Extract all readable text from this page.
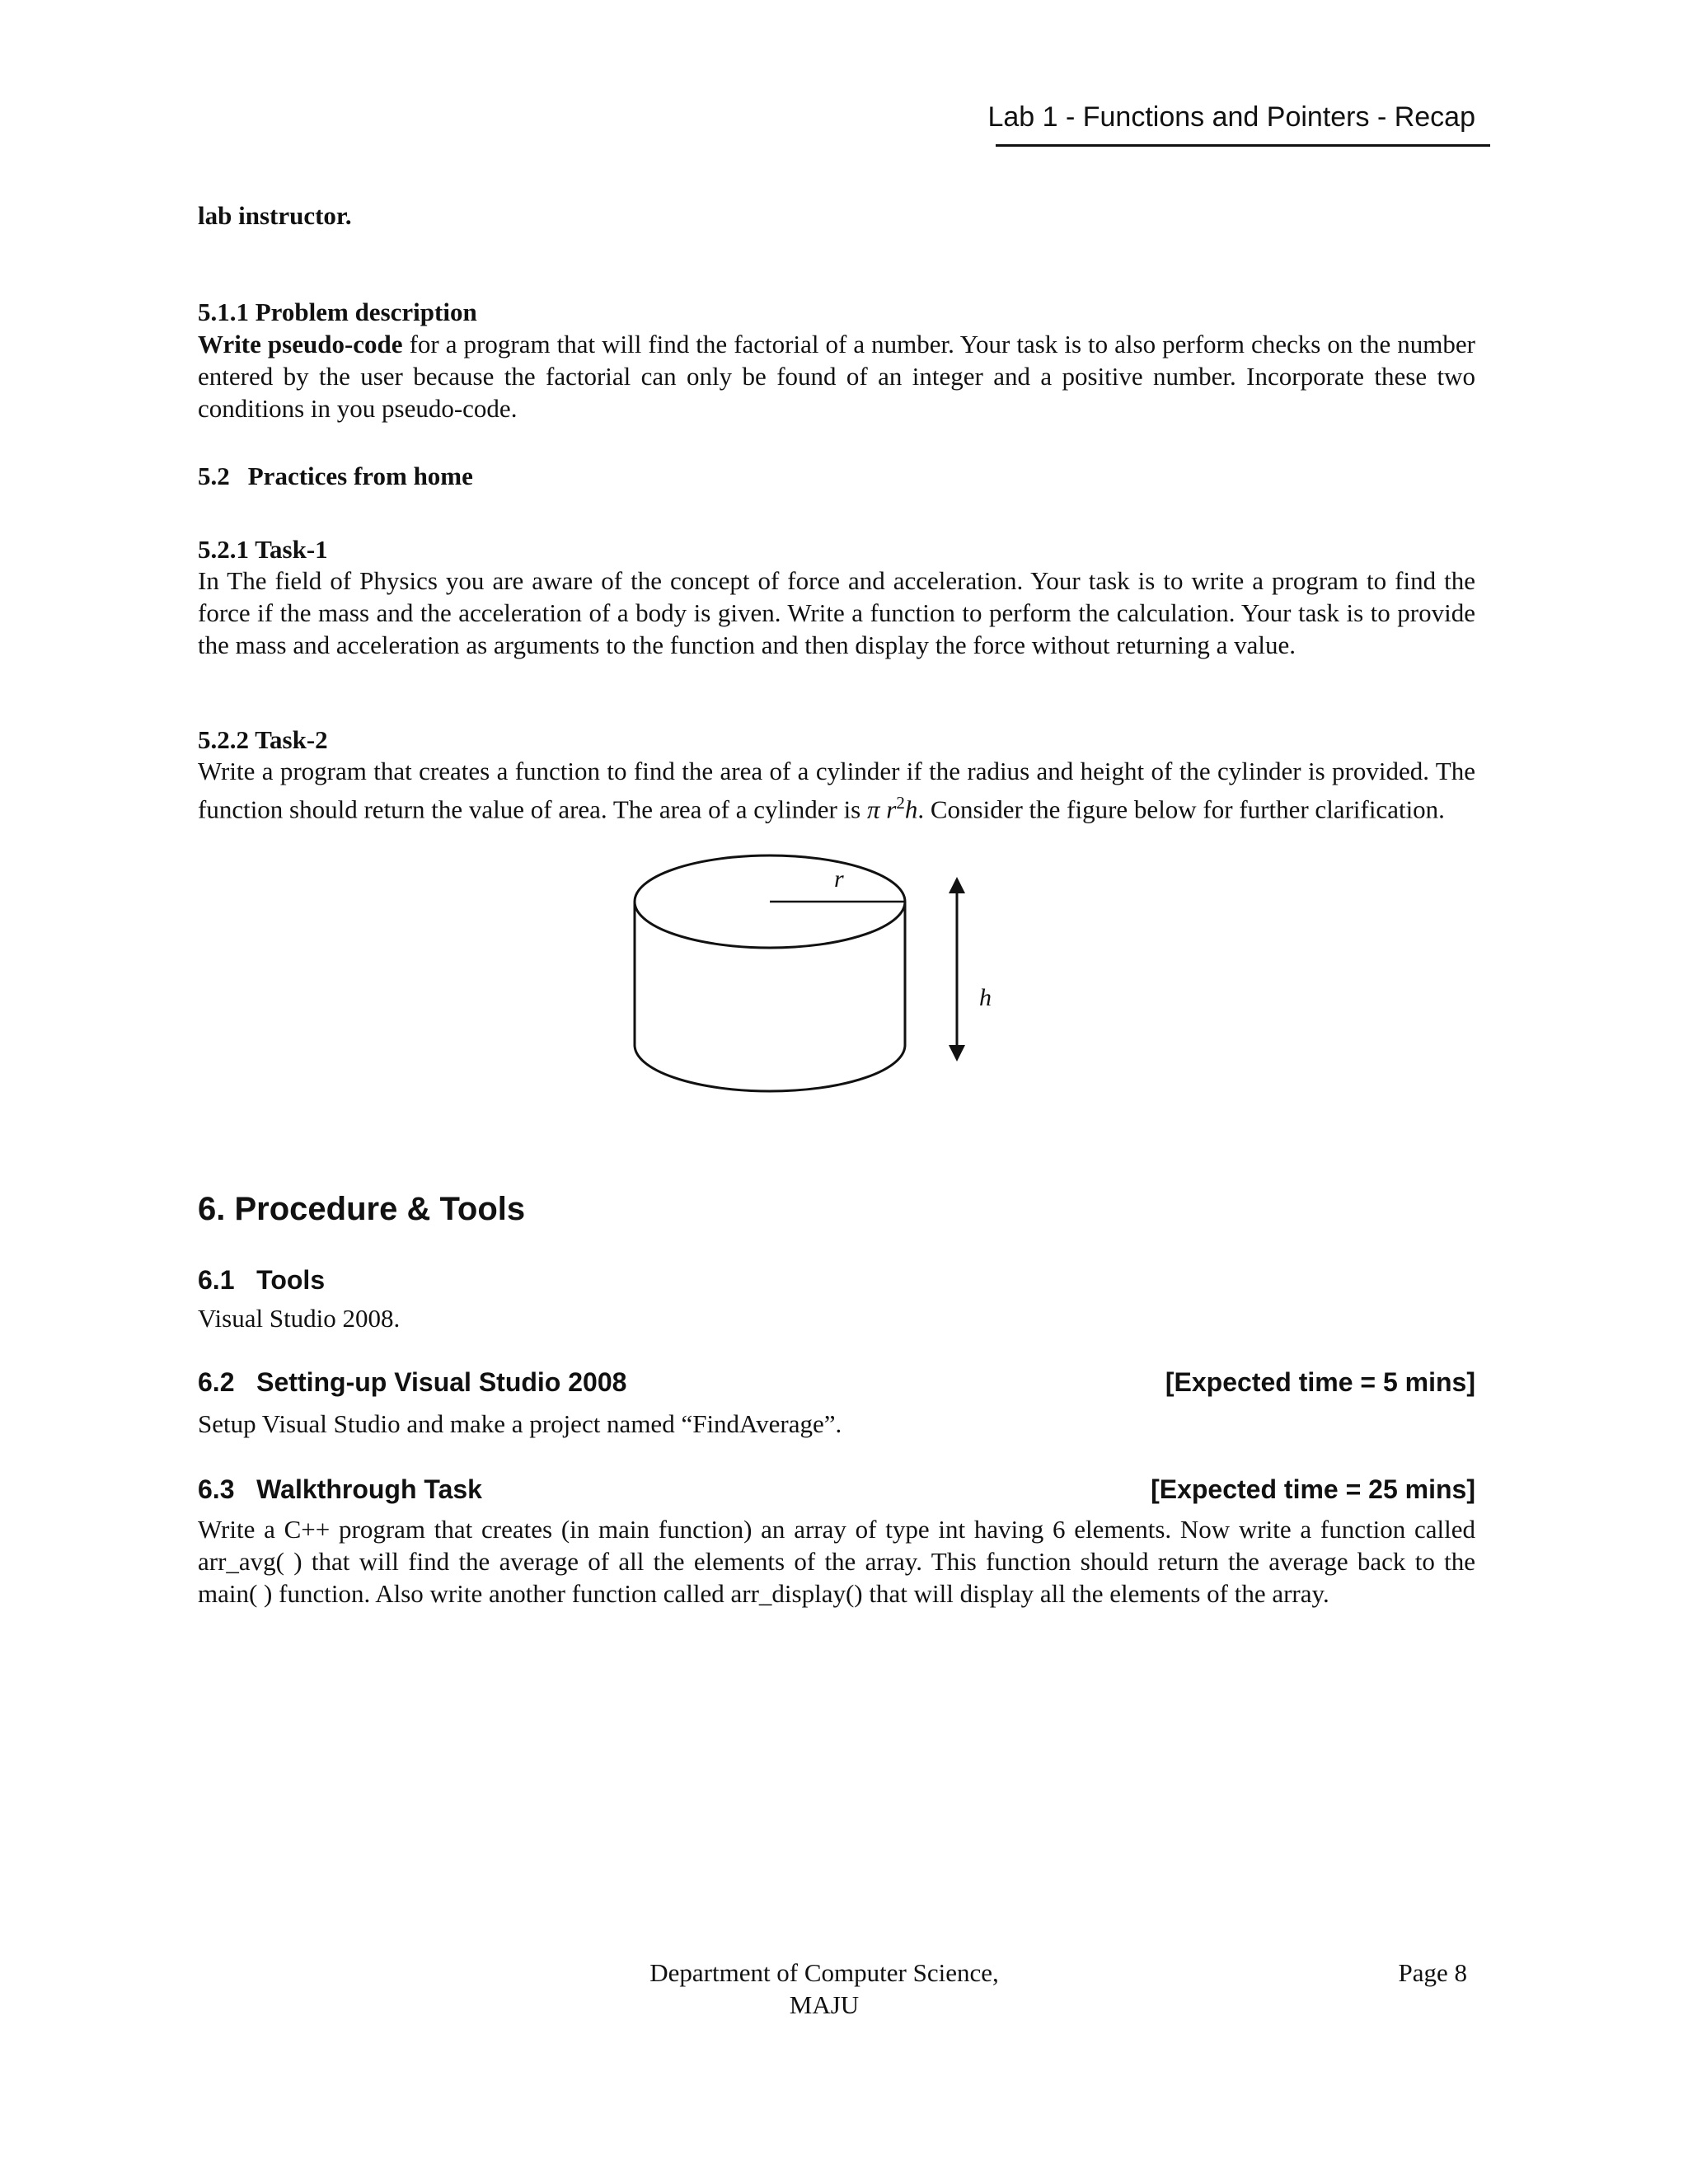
Lab 1 - Functions and Pointers - Recap
lab instructor.
5.1.1 Problem description

Write pseudo-code for a program that will find the factorial of a number. Your task is to also perform checks on the number entered by the user because the factorial can only be found of an integer and a positive number. Incorporate these two conditions in you pseudo-code.

5.2 Practices from home
5.2.1 Task-1

In The field of Physics you are aware of the concept of force and acceleration. Your task is to write a program to find the force if the mass and the acceleration of a body is given. Write a function to perform the calculation. Your task is to provide the mass and acceleration as arguments to the function and then display the force without returning a value.

5.2.2 Task-2

Write a program that creates a function to find the area of a cylinder if the radius and height of the cylinder is provided. The function should return the value of area. The area of a cylinder is π $r^2h$. Consider the figure below for further clarification.

r
h
6. Procedure & Tools
6.1   Tools
Visual Studio 2008.
6.2   Setting-up Visual Studio 2008	[Expected time = 5 mins]
Setup Visual Studio and make a project named “FindAverage”.
6.3   Walkthrough Task	[Expected time = 25 mins]

Write a C++ program that creates (in main function) an array of type int having 6 elements. Now write a function called arr_avg( ) that will find the average of all the elements of the array. This function should return the average back to the main( ) function. Also write another function called arr_display() that will display all the elements of the array.

Department of Computer Science,
MAJU
Page 8
